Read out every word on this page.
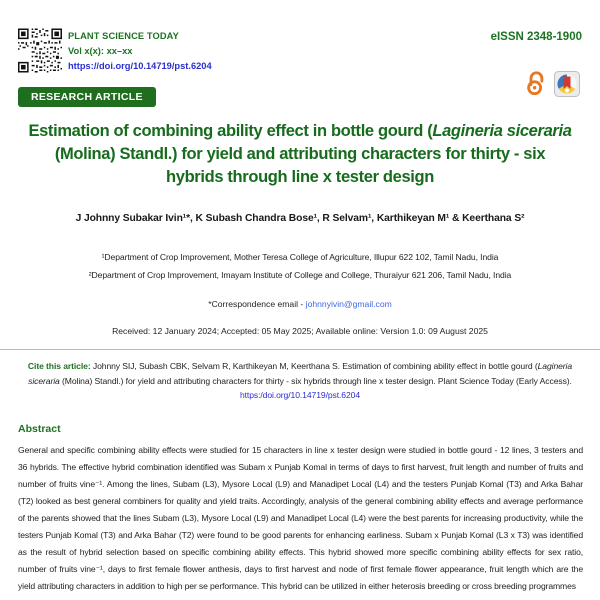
PLANT SCIENCE TODAY
Vol x(x): xx–xx
https://doi.org/10.14719/pst.6204
eISSN 2348-1900
RESEARCH ARTICLE
Estimation of combining ability effect in bottle gourd (Lagineria siceraria (Molina) Standl.) for yield and attributing characters for thirty - six hybrids through line x tester design
J Johnny Subakar Ivin¹*, K Subash Chandra Bose¹, R Selvam¹, Karthikeyan M¹ & Keerthana S²
¹Department of Crop Improvement, Mother Teresa College of Agriculture, Illupur 622 102, Tamil Nadu, India
²Department of Crop Improvement, Imayam Institute of College and College, Thuraiyur 621 206, Tamil Nadu, India
*Correspondence email - johnnyivin@gmail.com
Received: 12 January 2024; Accepted: 05 May 2025; Available online: Version 1.0: 09 August 2025
Cite this article: Johnny SIJ, Subash CBK, Selvam R, Karthikeyan M, Keerthana S. Estimation of combining ability effect in bottle gourd (Lagineria siceraria (Molina) Standl.) for yield and attributing characters for thirty - six hybrids through line x tester design. Plant Science Today (Early Access).
https:/doi.org/10.14719/pst.6204
Abstract

General and specific combining ability effects were studied for 15 characters in line x tester design were studied in bottle gourd - 12 lines, 3 testers and 36 hybrids. The effective hybrid combination identified was Subam x Punjab Komal in terms of days to first harvest, fruit length and number of fruits and number of fruits vine⁻¹. Among the lines, Subam (L3), Mysore Local (L9) and Manadipet Local (L4) and the testers Punjab Komal (T3) and Arka Bahar (T2) looked as best general combiners for quality and yield traits. Accordingly, analysis of the general combining ability effects and average performance of the parents showed that the lines Subam (L3), Mysore Local (L9) and Manadipet Local (L4) were the best parents for increasing productivity, while the testers Punjab Komal (T3) and Arka Bahar (T2) were found to be good parents for enhancing earliness. Subam x Punjab Komal (L3 x T3) was identified as the result of hybrid selection based on specific combining ability effects. This hybrid showed more specific combining ability effects for sex ratio, number of fruits vine⁻¹, days to first female flower anthesis, days to first harvest and node of first female flower appearance, fruit length which are the yield attributing characters in addition to high per se performance. This hybrid can be utilized in either heterosis breeding or cross breeding programmes
